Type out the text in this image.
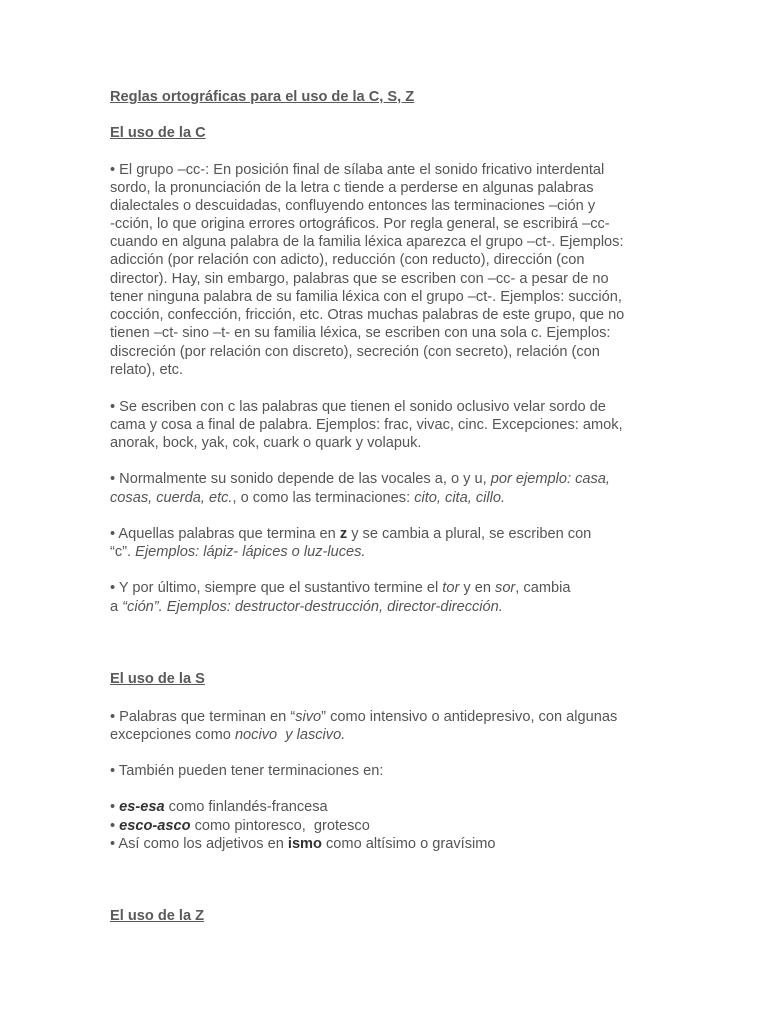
Reglas ortográficas para el uso de la C, S, Z
El uso de la C
• El grupo –cc-: En posición final de sílaba ante el sonido fricativo interdental
sordo, la pronunciación de la letra c tiende a perderse en algunas palabras
dialectales o descuidadas, confluyendo entonces las terminaciones –ción y
-cción, lo que origina errores ortográficos. Por regla general, se escribirá –cc-
cuando en alguna palabra de la familia léxica aparezca el grupo –ct-. Ejemplos:
adicción (por relación con adicto), reducción (con reducto), dirección (con
director). Hay, sin embargo, palabras que se escriben con –cc- a pesar de no
tener ninguna palabra de su familia léxica con el grupo –ct-. Ejemplos: succión,
cocción, confección, fricción, etc. Otras muchas palabras de este grupo, que no
tienen –ct- sino –t- en su familia léxica, se escriben con una sola c. Ejemplos:
discreción (por relación con discreto), secreción (con secreto), relación (con
relato), etc.
• Se escriben con c las palabras que tienen el sonido oclusivo velar sordo de
cama y cosa a final de palabra. Ejemplos: frac, vivac, cinc. Excepciones: amok,
anorak, bock, yak, cok, cuark o quark y volapuk.
• Normalmente su sonido depende de las vocales a, o y u, por ejemplo: casa,
cosas, cuerda, etc., o como las terminaciones: cito, cita, cillo.
• Aquellas palabras que termina en z y se cambia a plural, se escriben con
“c”. Ejemplos: lápiz- lápices o luz-luces.
• Y por último, siempre que el sustantivo termine el tor y en sor, cambia
a “ción”. Ejemplos: destructor-destrucción, director-dirección.
El uso de la S
• Palabras que terminan en “sivo” como intensivo o antidepresivo, con algunas
excepciones como nocivo  y lascivo.
• También pueden tener terminaciones en:
• es-esa como finlandés-francesa
• esco-asco como pintoresco,  grotesco
• Así como los adjetivos en ismo como altísimo o gravísimo
El uso de la Z
